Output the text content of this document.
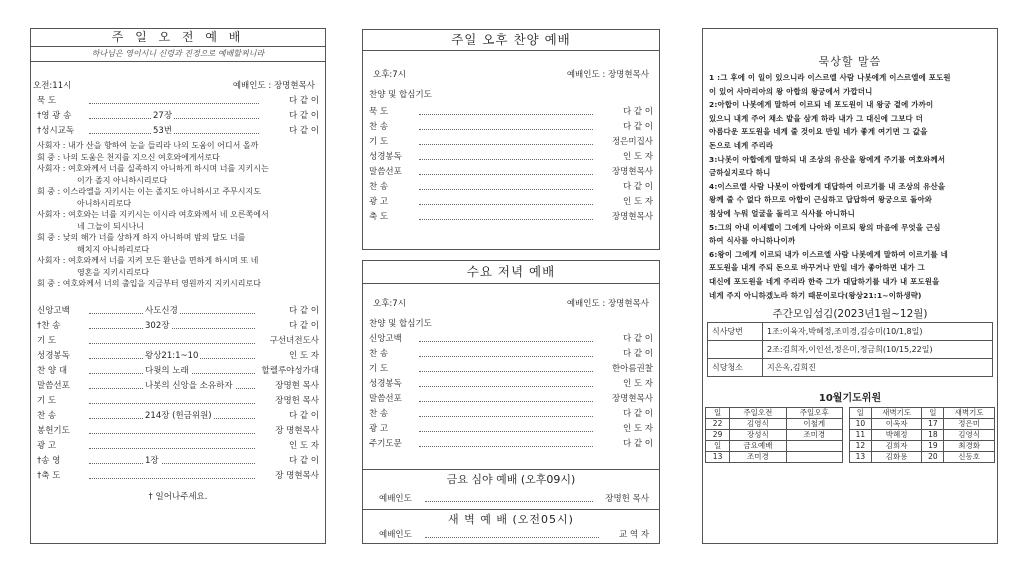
주 일 오 전 예 배
하나님은 영이시니 신령과 진정으로 예배할찌니라
오전:11시	예배인도 : 장명현목사
묵 도	다 같 이
†영 광 송	27장	다 같 이
†성시교독	53번	다 같 이
사회자 : 내가 산을 향하여 눈을 들리라 나의 도움이 어디서 올까
회 중 : 나의 도움은 천지를 지으신 여호와에게서로다
사회자 : 여호와께서 너를 실족하지 아니하게 하시며 너를 지키시는
이가 졸지 아니하시리로다
회 중 : 이스라엘을 지키시는 이는 졸지도 아니하시고 주무시지도
아니하시리로다
사회자 : 여호와는 너를 지키시는 이시라 여호와께서 네 오른쪽에서
네 그늘이 되시나니
회 중 : 낮의 해가 너를 상하게 하지 아니하며 밤의 달도 너를
해치지 아니하리로다
사회자 : 여호와께서 너를 지켜 모든 환난을 면하게 하시며 또 네
영혼을 지키시리로다
회 중 : 여호와께서 너의 출입을 지금부터 영원까지 지키시리로다
신앙고백	사도신경	다 같 이
†찬 송	302장	다 같 이
기 도	구선녀전도사
성경봉독	왕상21:1~10	인 도 자
찬 양 대	다윗의 노래	할렐루야성가대
말씀선포	나봇의 신앙을 소유하자	장명현 목사
기 도	장명헌 목사
찬 송	214장 (헌금위원)	다 같 이
봉헌기도	장 명현목사
광 고	인 도 자
†송 영	1장	다 같 이
†축 도	장 명현목사
† 일어나주세요.
주일 오후 찬양 예배
오후:7시	예배인도 : 장명현목사
찬양 및 합심기도
묵 도	다 같 이
찬 송	다 같 이
기 도	정은미집사
성경봉독	인 도 자
말씀선포	장명현목사
찬 송	다 같 이
광 고	인 도 자
축 도	장명현목사
수요 저녁 예배
오후:7시	예배인도 : 장명현목사
찬양 및 합심기도
신앙고백	다 같 이
찬 송	다 같 이
기 도	한아름권찰
성경봉독	인 도 자
말씀선포	장명현목사
찬 송	다 같 이
광 고	인 도 자
주기도문	다 같 이
금요 심야 예배 (오후09시)
예배인도	장명헌 목사
새 벽 예 배 (오전05시)
예배인도	교 역 자
묵상할 말씀

1 :그 후에 이 일이 있으니라 이스르엘 사람 나봇에게 이스르엘에 포도원

이 있어 사마리아의 왕 아합의 왕궁에서 가깝더니

2:아합이 나봇에게 말하여 이르되 네 포도원이 내 왕궁 곁에 가까이

있으니 내게 주어 채소 밭을 삼게 하라 내가 그 대신에 그보다 더

아름다운 포도원을 네게 줄 것이요 만일 네가 좋게 여기면 그 값을

돈으로 네게 주리라

3:나봇이 아합에게 말하되 내 조상의 유산을 왕에게 주기를 여호와께서

금하실지로다 하니

4:이스르엘 사람 나봇이 아합에게 대답하여 이르기를 내 조상의 유산을

왕께 줄 수 없다 하므로 아합이 근심하고 답답하여 왕궁으로 돌아와

침상에 누워 얼굴을 돌리고 식사를 아니하니

5:그의 아내 이세벨이 그에게 나아와 이르되 왕의 마음에 무엇을 근심

하여 식사를 아니하나이까

6:왕이 그에게 이르되 내가 이스르엘 사람 나봇에게 말하여 이르기를 네

포도원을 내게 주되 돈으로 바꾸거나 만일 네가 좋아하면 내가 그

대신에 포도원을 네게 주리라 한즉 그가 대답하기를 내가 내 포도원을

네게 주지 아니하겠노라 하기 때문이로다(왕상21:1~이하생략)

주간모임섬김(2023년1월~12월)
식사당번	1조:이육자,박혜정,조미경,김승미(10/1,8일)
	2조:김희자,이인선,정은미,정금희(10/15,22일)
식당청소	지은옥,김희진
10월기도위원
일	주일오전	주일오후
22	김영식	이철게
29	장성식	조미경
일	금요예배	
13	조미경	
일	새벽기도	일	새벽기도
10	이옥자	17	정은미
11	박혜정	18	김영식
12	김희자	19	최경화
13	김화용	20	신동호
